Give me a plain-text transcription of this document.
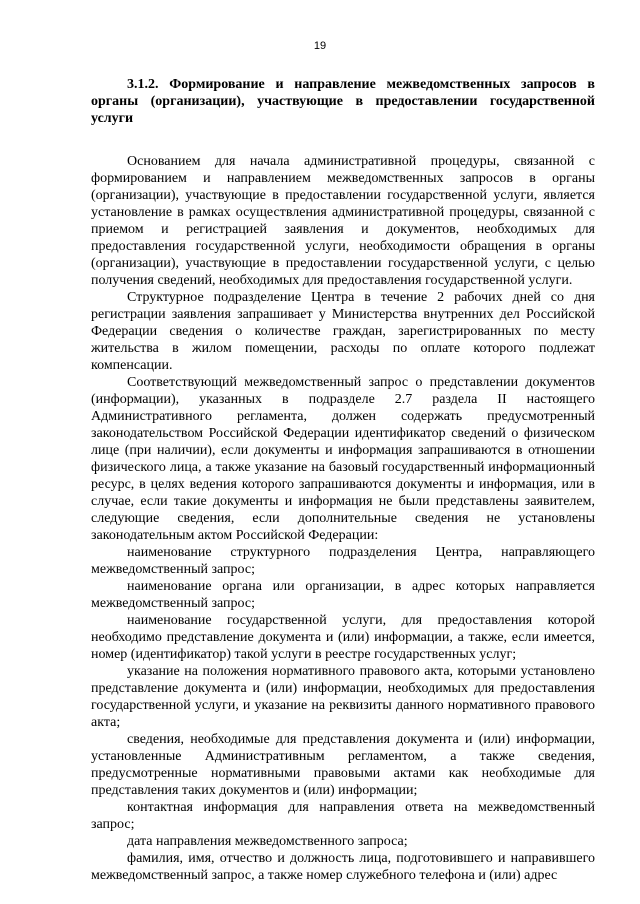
19

3.1.2. Формирование и направление межведомственных запросов в органы (организации), участвующие в предоставлении государственной услуги

Основанием для начала административной процедуры, связанной с формированием и направлением межведомственных запросов в органы (организации), участвующие в предоставлении государственной услуги, является установление в рамках осуществления административной процедуры, связанной с приемом и регистрацией заявления и документов, необходимых для предоставления государственной услуги, необходимости обращения в органы (организации), участвующие в предоставлении государственной услуги, с целью получения сведений, необходимых для предоставления государственной услуги.

Структурное подразделение Центра в течение 2 рабочих дней со дня регистрации заявления запрашивает у Министерства внутренних дел Российской Федерации сведения о количестве граждан, зарегистрированных по месту жительства в жилом помещении, расходы по оплате которого подлежат компенсации.

Соответствующий межведомственный запрос о представлении документов (информации), указанных в подразделе 2.7 раздела II настоящего Административного регламента, должен содержать предусмотренный законодательством Российской Федерации идентификатор сведений о физическом лице (при наличии), если документы и информация запрашиваются в отношении физического лица, а также указание на базовый государственный информационный ресурс, в целях ведения которого запрашиваются документы и информация, или в случае, если такие документы и информация не были представлены заявителем, следующие сведения, если дополнительные сведения не установлены законодательным актом Российской Федерации:

наименование структурного подразделения Центра, направляющего межведомственный запрос;

наименование органа или организации, в адрес которых направляется межведомственный запрос;

наименование государственной услуги, для предоставления которой необходимо представление документа и (или) информации, а также, если имеется, номер (идентификатор) такой услуги в реестре государственных услуг;

указание на положения нормативного правового акта, которыми установлено представление документа и (или) информации, необходимых для предоставления государственной услуги, и указание на реквизиты данного нормативного правового акта;

сведения, необходимые для представления документа и (или) информации, установленные Административным регламентом, а также сведения, предусмотренные нормативными правовыми актами как необходимые для представления таких документов и (или) информации;

контактная информация для направления ответа на межведомственный запрос;

дата направления межведомственного запроса;

фамилия, имя, отчество и должность лица, подготовившего и направившего межведомственный запрос, а также номер служебного телефона и (или) адрес
